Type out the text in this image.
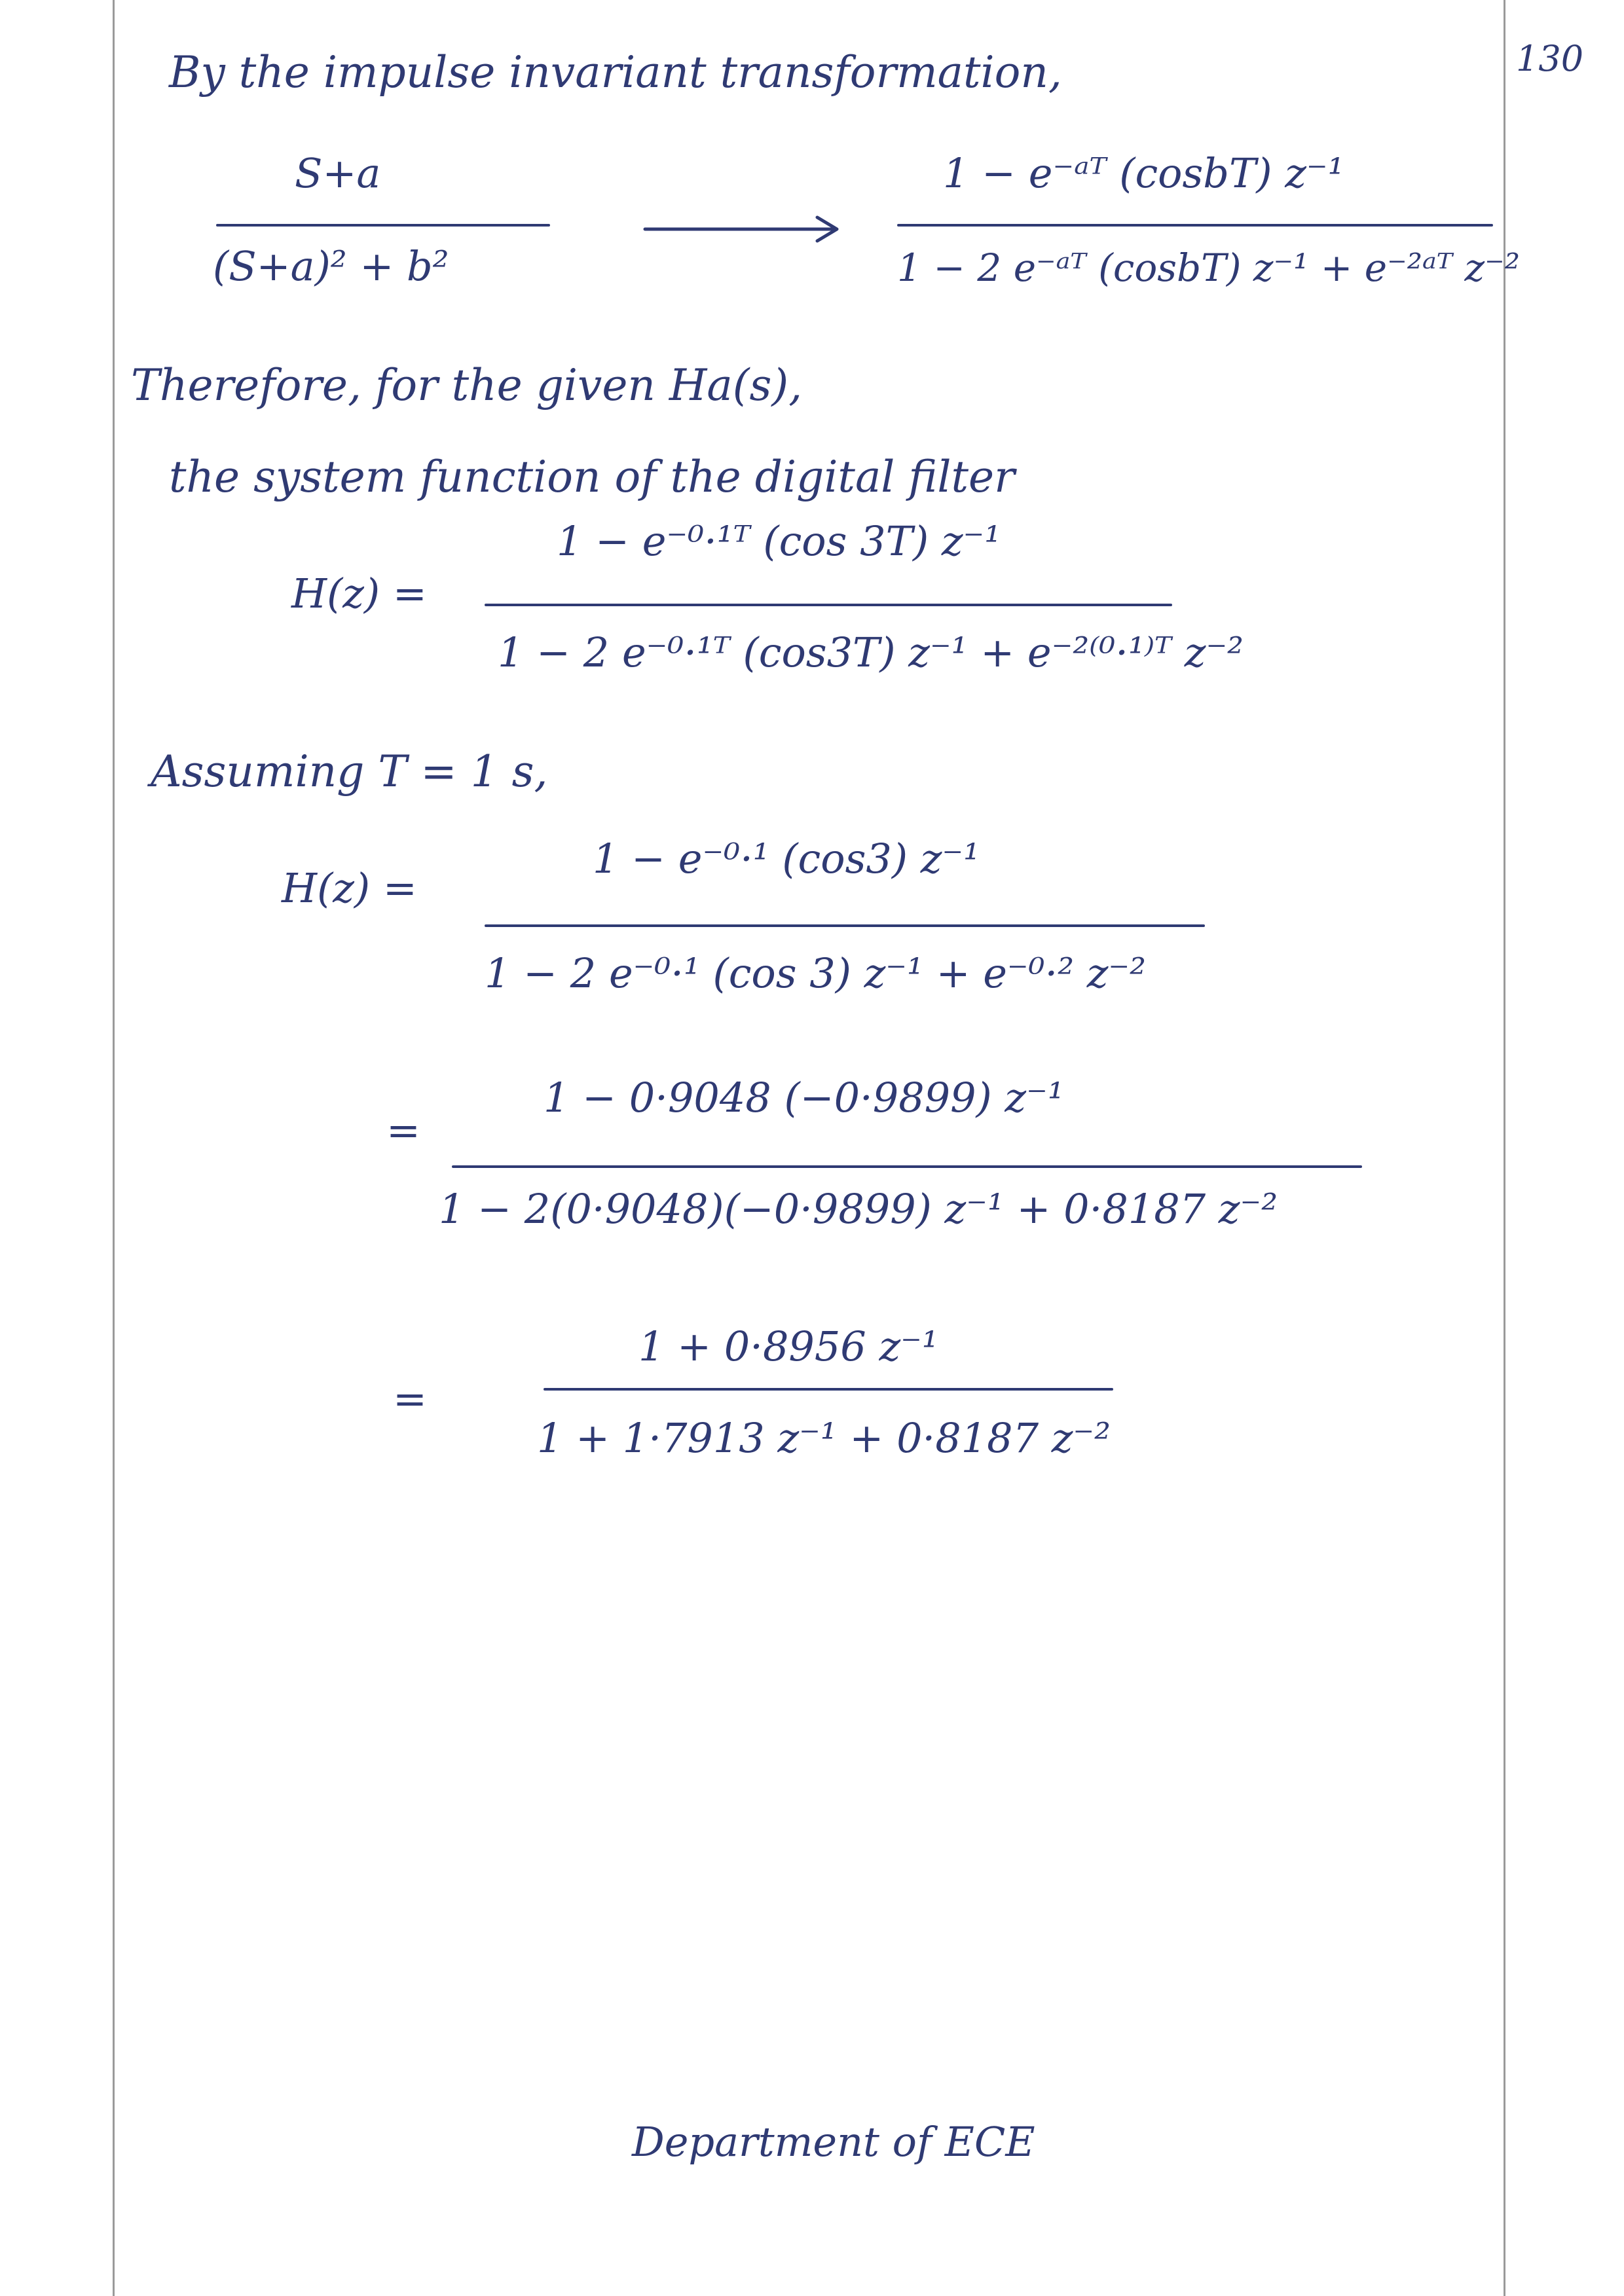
130
By the impulse invariant transformation,
S+a
(S+a)² + b²
1 − e⁻ᵃᵀ (cosbT) z⁻¹
1 − 2 e⁻ᵃᵀ (cosbT) z⁻¹ + e⁻²ᵃᵀ z⁻²
Therefore, for the given Ha(s),
the system function of the digital filter
H(z) =
1 − e⁻⁰·¹ᵀ (cos 3T) z⁻¹
1 − 2 e⁻⁰·¹ᵀ (cos3T) z⁻¹ + e⁻²⁽⁰·¹⁾ᵀ z⁻²
Assuming T = 1 s,
H(z) =
1 − e⁻⁰·¹ (cos3) z⁻¹
1 − 2 e⁻⁰·¹ (cos 3) z⁻¹ + e⁻⁰·² z⁻²
=
1 − 0·9048 (−0·9899) z⁻¹
1 − 2(0·9048)(−0·9899) z⁻¹ + 0·8187 z⁻²
=
1 + 0·8956 z⁻¹
1 + 1·7913 z⁻¹ + 0·8187 z⁻²
Department of ECE
